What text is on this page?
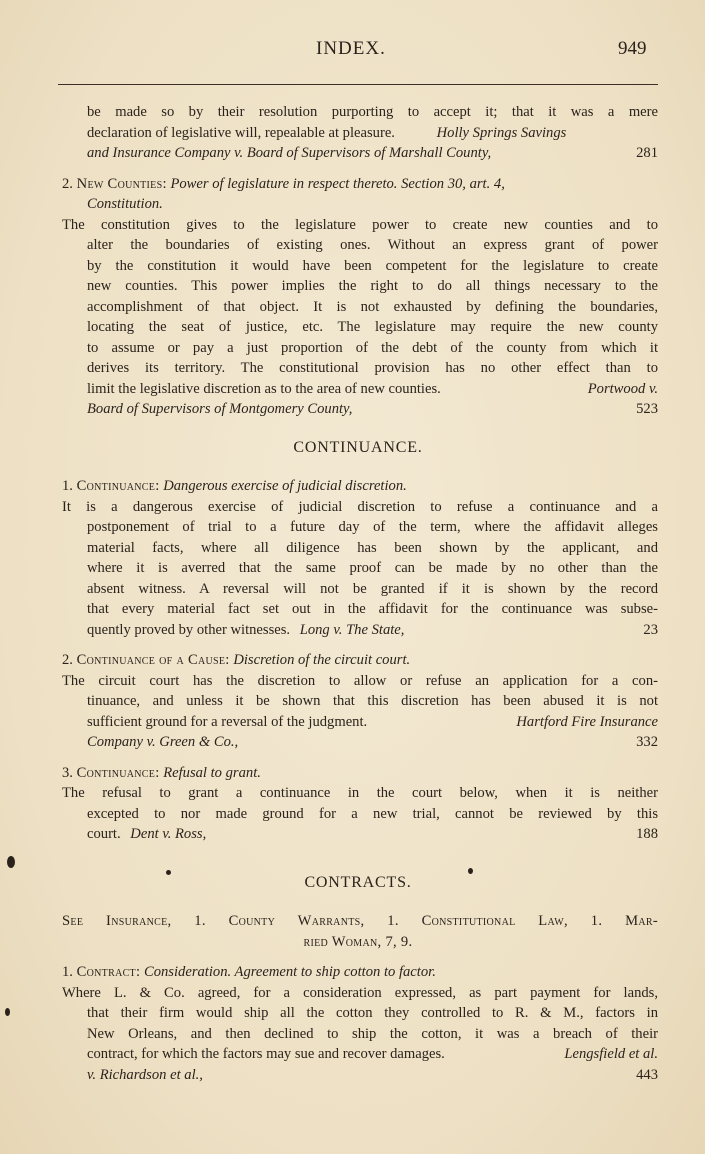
INDEX.	949
be made so by their resolution purporting to accept it; that it was a mere
declaration of legislative will, repealable at pleasure.	Holly Springs Savings
and Insurance Company v. Board of Supervisors of Marshall County,	281
2. New Counties: Power of legislature in respect thereto. Section 30, art. 4,
Constitution.
The constitution gives to the legislature power to create new counties and to
alter the boundaries of existing ones. Without an express grant of power
by the constitution it would have been competent for the legislature to create
new counties. This power implies the right to do all things necessary to the
accomplishment of that object. It is not exhausted by defining the boundaries,
locating the seat of justice, etc. The legislature may require the new county
to assume or pay a just proportion of the debt of the county from which it
derives its territory. The constitutional provision has no other effect than to
limit the legislative discretion as to the area of new counties.	Portwood v.
Board of Supervisors of Montgomery County,	523
CONTINUANCE.
1. Continuance: Dangerous exercise of judicial discretion.
It is a dangerous exercise of judicial discretion to refuse a continuance and a
postponement of trial to a future day of the term, where the affidavit alleges
material facts, where all diligence has been shown by the applicant, and
where it is averred that the same proof can be made by no other than the
absent witness. A reversal will not be granted if it is shown by the record
that every material fact set out in the affidavit for the continuance was subse-
quently proved by other witnesses. Long v. The State,	23
2. Continuance of a Cause: Discretion of the circuit court.
The circuit court has the discretion to allow or refuse an application for a con-
tinuance, and unless it be shown that this discretion has been abused it is not
sufficient ground for a reversal of the judgment.	Hartford Fire Insurance
Company v. Green & Co.,	332
3. Continuance: Refusal to grant.
The refusal to grant a continuance in the court below, when it is neither
excepted to nor made ground for a new trial, cannot be reviewed by this
court. Dent v. Ross,	188
CONTRACTS.
See Insurance, 1. County Warrants, 1. Constitutional Law, 1. Mar-
ried Woman, 7, 9.
1. Contract: Consideration. Agreement to ship cotton to factor.
Where L. & Co. agreed, for a consideration expressed, as part payment for lands,
that their firm would ship all the cotton they controlled to R. & M., factors in
New Orleans, and then declined to ship the cotton, it was a breach of their
contract, for which the factors may sue and recover damages.	Lengsfield et al.
v. Richardson et al.,	443
